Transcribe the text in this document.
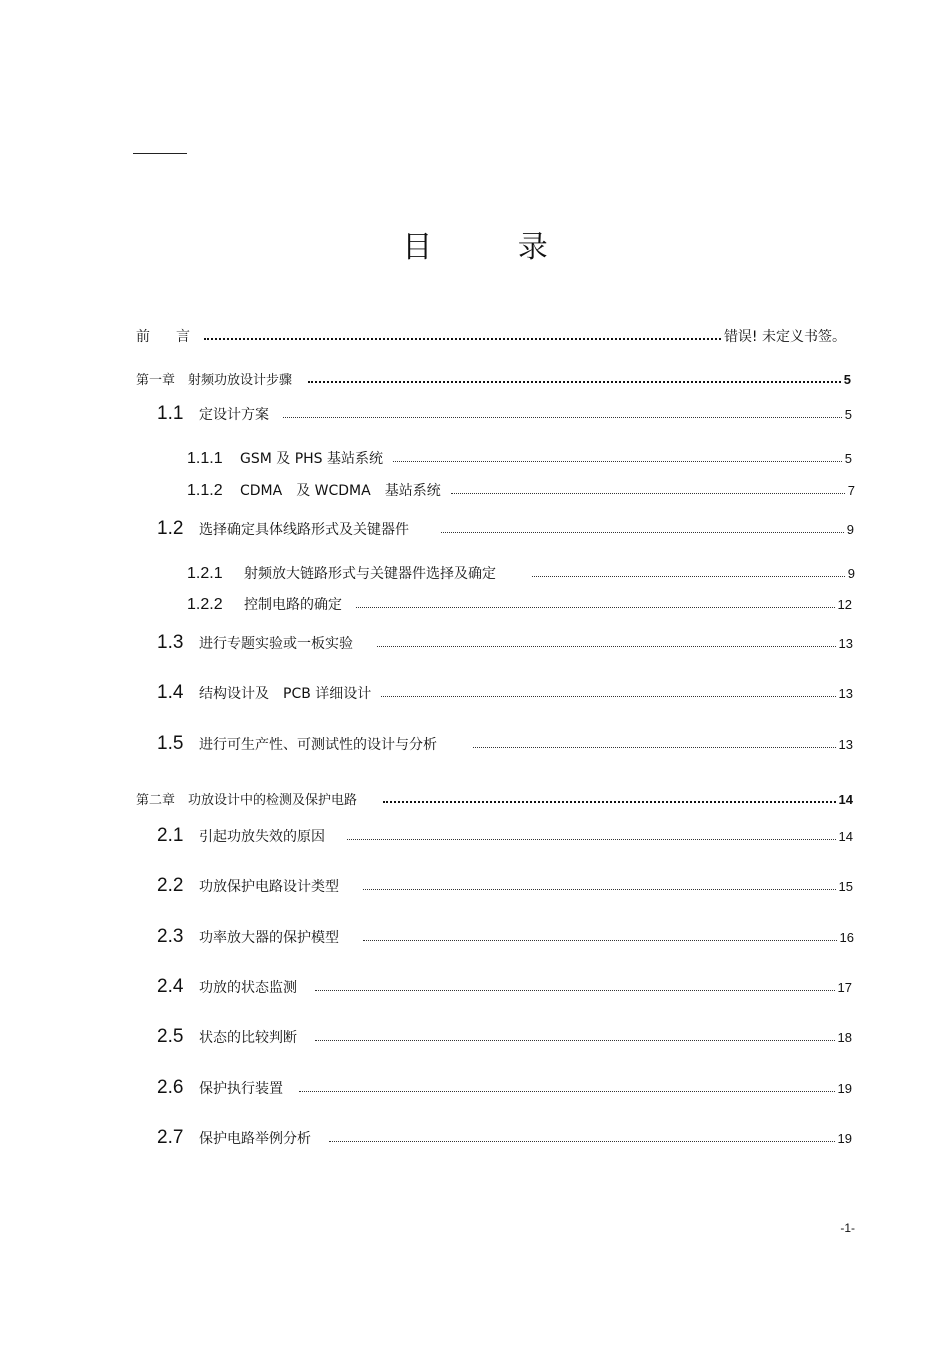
目 录
前　言	错误! 未定义书签。
第一章　射频功放设计步骤	5
1.1	定设计方案	5
1.1.1	GSM 及 PHS 基站系统	5
1.1.2	CDMA　及 WCDMA　基站系统	7
1.2	选择确定具体线路形式及关键器件	9
1.2.1	射频放大链路形式与关键器件选择及确定	9
1.2.2	控制电路的确定	12
1.3	进行专题实验或一板实验	13
1.4	结构设计及　PCB 详细设计	13
1.5	进行可生产性、可测试性的设计与分析	13
第二章　功放设计中的检测及保护电路	14
2.1	引起功放失效的原因	14
2.2	功放保护电路设计类型	15
2.3	功率放大器的保护模型	16
2.4	功放的状态监测	17
2.5	状态的比较判断	18
2.6	保护执行装置	19
2.7	保护电路举例分析	19
-1-
